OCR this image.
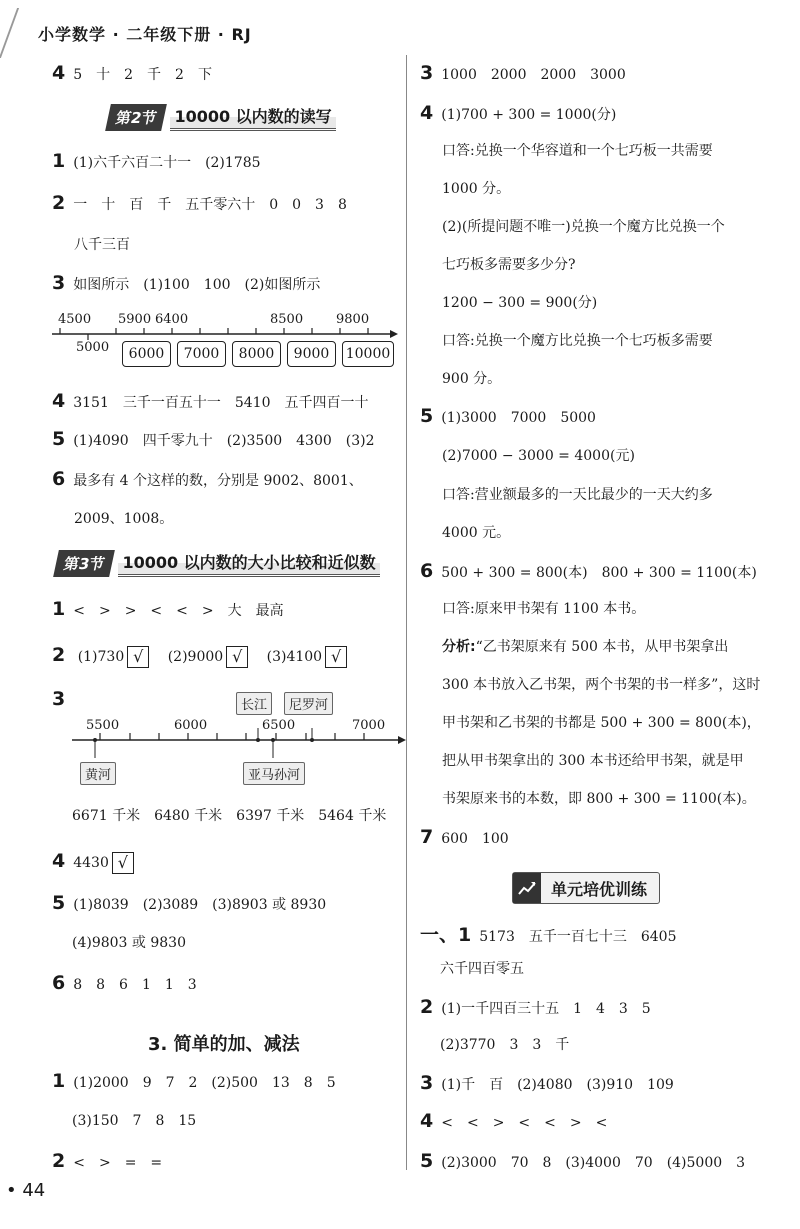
小学数学 · 二年级下册 · RJ
4 5　十　2　千　2　下
第2节	10000 以内数的读写
1 (1)六千六百二十一　(2)1785
2 一　十　百　千　五千零六十　0　0　3　8
八千三百
3 如图所示　(1)100　100　(2)如图所示
4500 5900 6400	8500	9800
5000	6000	7000	8000	9000	10000
4 3151　三千一百五十一　5410　五千四百一十
5 (1)4090　四千零九十　(2)3500　4300　(3)2
6 最多有 4 个这样的数，分别是 9002、8001、
2009、1008。
第3节	10000 以内数的大小比较和近似数
1 <　>　>　<　<　>　大　最高
2 (1)730 √ (2)9000 √ (3)4100 √
3
5500	6000	6500	7000
长江	尼罗河
黄河	亚马孙河
6671 千米　6480 千米　6397 千米　5464 千米
4 4430 √
5 (1)8039　(2)3089　(3)8903 或 8930
(4)9803 或 9830
6 8　8　6　1　1　3
3. 简单的加、减法
1 (1)2000　9　7　2　(2)500　13　8　5
(3)150　7　8　15
2 <　>　=　=
• 44
3 1000　2000　2000　3000
4 (1)700 + 300 = 1000(分)
口答:兑换一个华容道和一个七巧板一共需要
1000 分。
(2)(所提问题不唯一)兑换一个魔方比兑换一个
七巧板多需要多少分?
1200 − 300 = 900(分)
口答:兑换一个魔方比兑换一个七巧板多需要
900 分。
5 (1)3000　7000　5000
(2)7000 − 3000 = 4000(元)
口答:营业额最多的一天比最少的一天大约多
4000 元。
6 500 + 300 = 800(本)　800 + 300 = 1100(本)
口答:原来甲书架有 1100 本书。
分析:“乙书架原来有 500 本书，从甲书架拿出
300 本书放入乙书架，两个书架的书一样多”，这时
甲书架和乙书架的书都是 500 + 300 = 800(本)，
把从甲书架拿出的 300 本书还给甲书架，就是甲
书架原来书的本数，即 800 + 300 = 1100(本)。
7 600　100
单元培优训练
一、1 5173　五千一百七十三　6405
六千四百零五
2 (1)一千四百三十五　1　4　3　5
(2)3770　3　3　千
3 (1)千　百　(2)4080　(3)910　109
4 <　<　>　<　<　>　<
5 (2)3000　70　8　(3)4000　70　(4)5000　3
